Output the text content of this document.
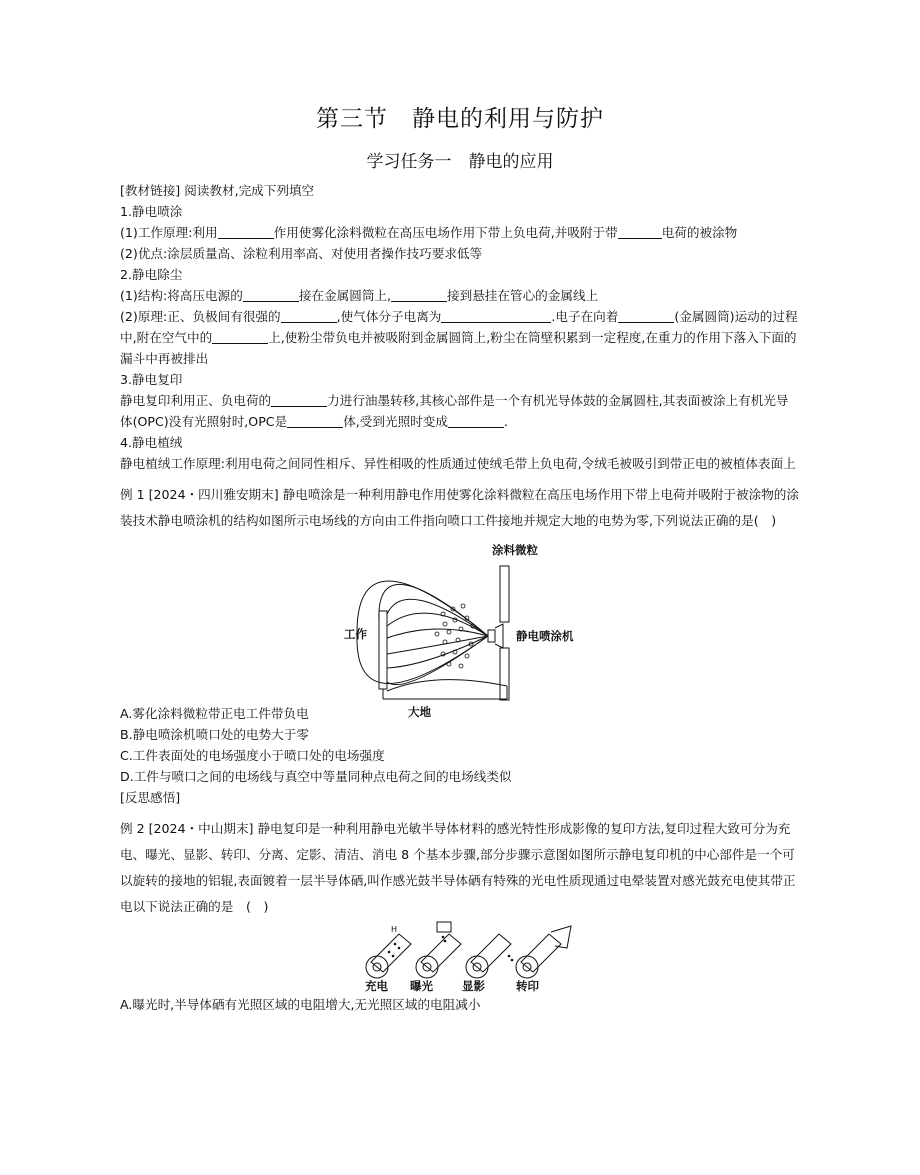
第三节　静电的利用与防护
学习任务一　静电的应用

[教材链接] 阅读教材,完成下列填空

1.静电喷涂

(1)工作原理:利用	作用使雾化涂料微粒在高压电场作用下带上负电荷,并吸附于带	电荷的被涂物

(2)优点:涂层质量高、涂粒利用率高、对使用者操作技巧要求低等

2.静电除尘

(1)结构:将高压电源的	接在金属圆筒上,	接到悬挂在管心的金属线上

(2)原理:正、负极间有很强的	,使气体分子电离为	.电子在向着	(金属圆筒)运动的过程中,附在空气中的	上,使粉尘带负电并被吸附到金属圆筒上,粉尘在筒壁积累到一定程度,在重力的作用下落入下面的漏斗中再被排出

3.静电复印

静电复印利用正、负电荷的	力进行油墨转移,其核心部件是一个有机光导体鼓的金属圆柱,其表面被涂上有机光导体(OPC)没有光照射时,OPC是	体,受到光照时变成	.

4.静电植绒

静电植绒工作原理:利用电荷之间同性相斥、异性相吸的性质通过使绒毛带上负电荷,令绒毛被吸引到带正电的被植体表面上

例 1 [2024・四川雅安期末] 静电喷涂是一种利用静电作用使雾化涂料微粒在高压电场作用下带上电荷并吸附于被涂物的涂装技术静电喷涂机的结构如图所示电场线的方向由工件指向喷口工件接地并规定大地的电势为零,下列说法正确的是(　)

涂料微粒
工作	静电喷涂机
大地

A.雾化涂料微粒带正电工件带负电

B.静电喷涂机喷口处的电势大于零

C.工件表面处的电场强度小于喷口处的电场强度

D.工件与喷口之间的电场线与真空中等量同种点电荷之间的电场线类似

[反思感悟]

例 2 [2024・中山期末] 静电复印是一种利用静电光敏半导体材料的感光特性形成影像的复印方法,复印过程大致可分为充电、曝光、显影、转印、分离、定影、清洁、消电 8 个基本步骤,部分步骤示意图如图所示静电复印机的中心部件是一个可以旋转的接地的铝辊,表面镀着一层半导体硒,叫作感光鼓半导体硒有特殊的光电性质现通过电晕装置对感光鼓充电使其带正电以下说法正确的是　(　)

H
充电 曝光	显影	转印

A.曝光时,半导体硒有光照区域的电阻增大,无光照区域的电阻减小
